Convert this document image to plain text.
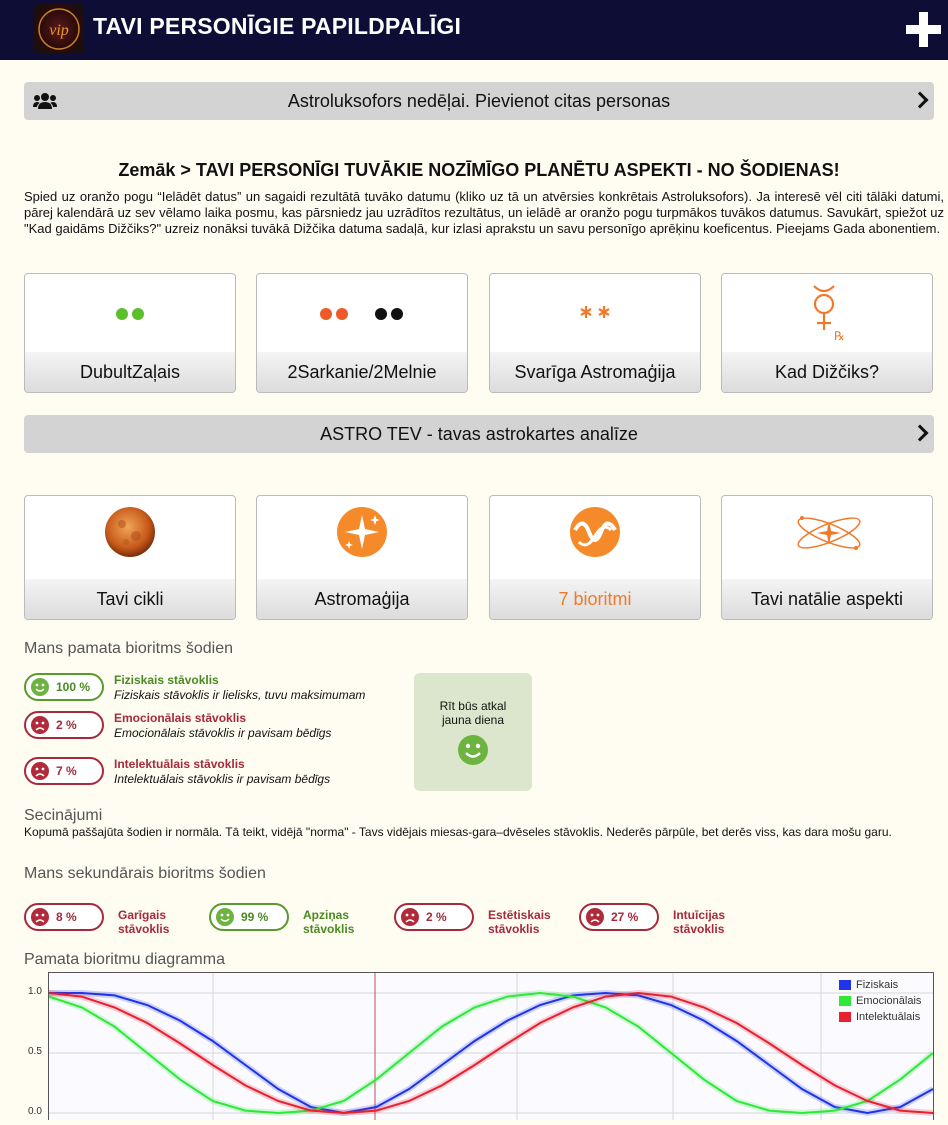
vip TAVI PERSONĪGIE PAPILDPALĪGI
Astroluksofors nedēļai. Pievienot citas personas
Zemāk > TAVI PERSONĪGI TUVĀKIE NOZĪMĪGO PLANĒTU ASPEKTI - NO ŠODIENAS!
Spied uz oranžo pogu “Ielādēt datus” un sagaidi rezultātā tuvāko datumu (kliko uz tā un atvērsies konkrētais Astroluksofors). Ja interesē vēl citi tālāki datumi, pārej kalendārā uz sev vēlamo laika posmu, kas pārsniedz jau uzrādītos rezultātus, un ielādē ar oranžo pogu turpmākos tuvākos datumus. Savukārt, spiežot uz "Kad gaidāms Dižčiks?" uzreiz nonāksi tuvākā Dižčika datuma sadaļā, kur izlasi aprakstu un savu personīgo aprēķinu koeficentus. Pieejams Gada abonentiem.
DubultZaļais	2Sarkanie/2Melnie	Svarīga Astromaģija
℞
Kad Dižčiks?
ASTRO TEV - tavas astrokartes analīze
Tavi cikli	Astromaģija	7 bioritmi	Tavi natālie aspekti
Mans pamata bioritms šodien
100 % Fiziskais stāvoklis
Fiziskais stāvoklis ir lielisks, tuvu maksimumam
2 %	Emocionālais stāvoklis
Emocionālais stāvoklis ir pavisam bēdīgs
7 %	Intelektuālais stāvoklis
Intelektuālais stāvoklis ir pavisam bēdīgs
Rīt būs atkal jauna diena
Secinājumi
Kopumā paššajūta šodien ir normāla. Tā teikt, vidējā "norma" - Tavs vidējais miesas-gara–dvēseles stāvoklis. Nederēs pārpūle, bet derēs viss, kas dara mošu garu.
Mans sekundārais bioritms šodien
8 %	Garīgais
stāvoklis
99 %	Apziņas
stāvoklis
2 %	Estētiskais
stāvoklis
27 %	Intuīcijas
stāvoklis
Pamata bioritmu diagramma
1.0
0.5
0.0
Fiziskais
Emocionālais
Intelektuālais
